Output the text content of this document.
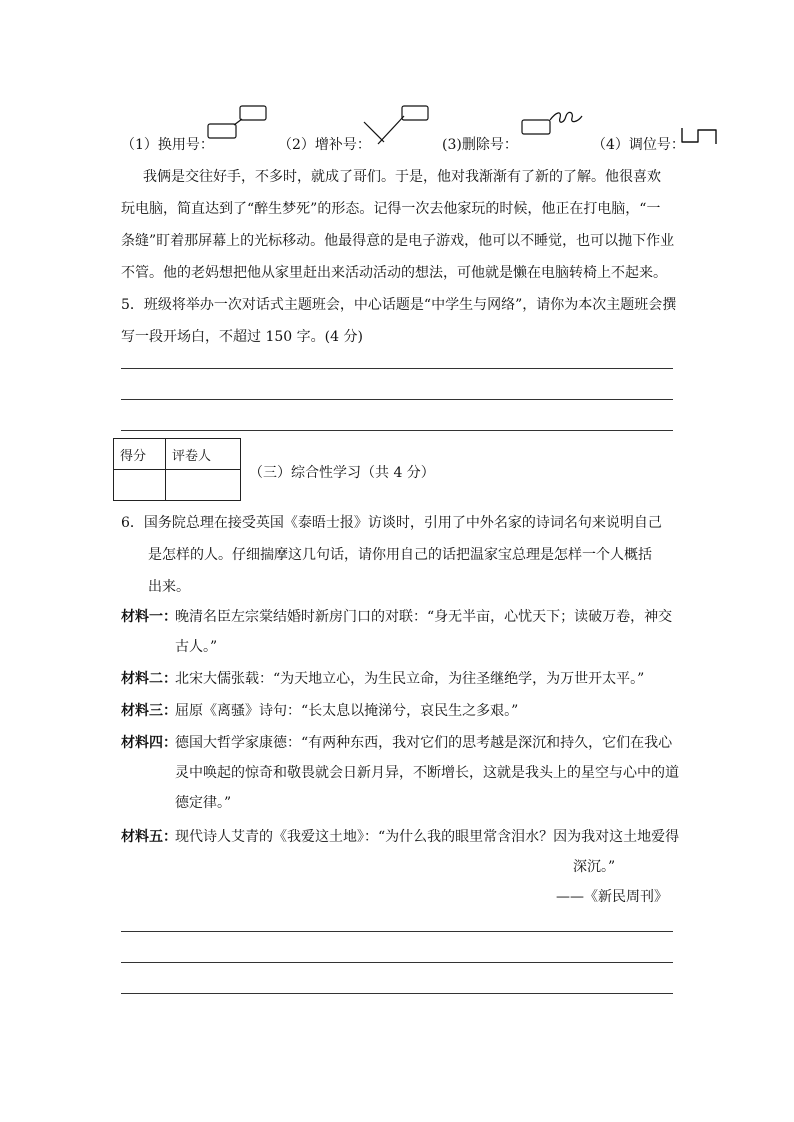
（1）换用号：	（2）增补号：	(3)删除号：	（4）调位号：
我俩是交往好手，不多时，就成了哥们。于是，他对我渐渐有了新的了解。他很喜欢
玩电脑，简直达到了“醉生梦死”的形态。记得一次去他家玩的时候，他正在打电脑，“一
条缝”盯着那屏幕上的光标移动。他最得意的是电子游戏，他可以不睡觉，也可以抛下作业
不管。他的老妈想把他从家里赶出来活动活动的想法，可他就是懒在电脑转椅上不起来。
5．班级将举办一次对话式主题班会，中心话题是“中学生与网络”，请你为本次主题班会撰
写一段开场白，不超过 150 字。(4 分)
得分	评卷人

（三）综合性学习（共 4 分）
6．国务院总理在接受英国《泰晤士报》访谈时，引用了中外名家的诗词名句来说明自己
是怎样的人。仔细揣摩这几句话，请你用自己的话把温家宝总理是怎样一个人概括
出来。
材料一：
晚清名臣左宗棠结婚时新房门口的对联：“身无半亩，心忧天下；读破万卷，神交
古人。”
材料二：
北宋大儒张载：“为天地立心，为生民立命，为往圣继绝学，为万世开太平。”
材料三：
屈原《离骚》诗句：“长太息以掩涕兮，哀民生之多艰。”
材料四：
德国大哲学家康德：“有两种东西，我对它们的思考越是深沉和持久，它们在我心
灵中唤起的惊奇和敬畏就会日新月异，不断增长，这就是我头上的星空与心中的道
德定律。”
材料五：
现代诗人艾青的《我爱这土地》：“为什么我的眼里常含泪水？因为我对这土地爱得
深沉。”
——《新民周刊》
